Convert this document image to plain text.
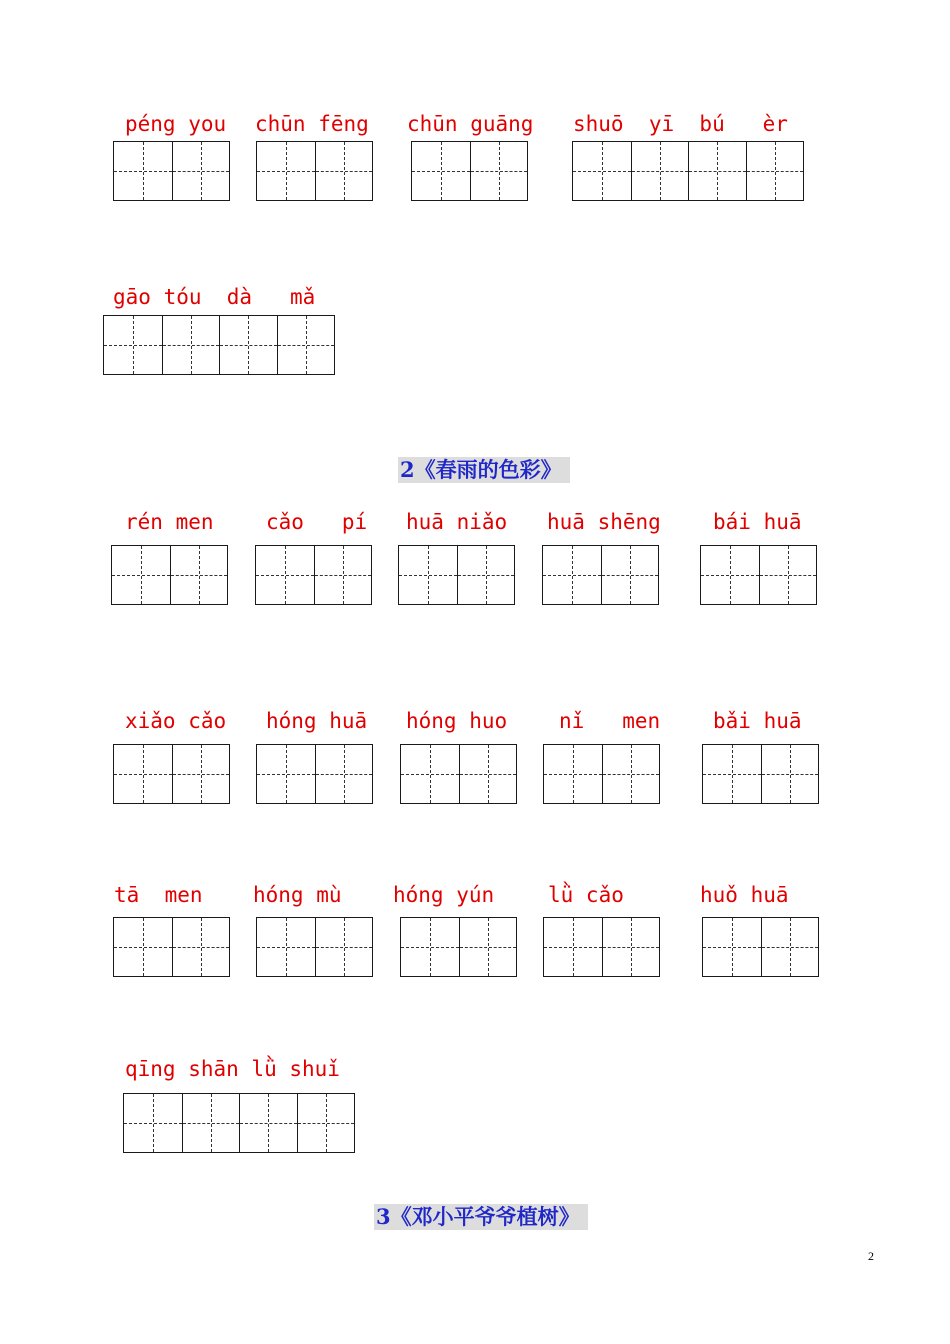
péng you chūn fēng chūn guāng shuō  yī  bú   èr
gāo tóu  dà   mǎ
2《春雨的色彩》
rén men cǎo   pí huā niǎo huā shēng bái huā
xiǎo cǎo hóng huā hóng huo nǐ   men	bǎi huā
tā  men hóng mù hóng yún	lǜ cǎo	huǒ huā
qīng shān lǜ shuǐ
3《邓小平爷爷植树》
2
